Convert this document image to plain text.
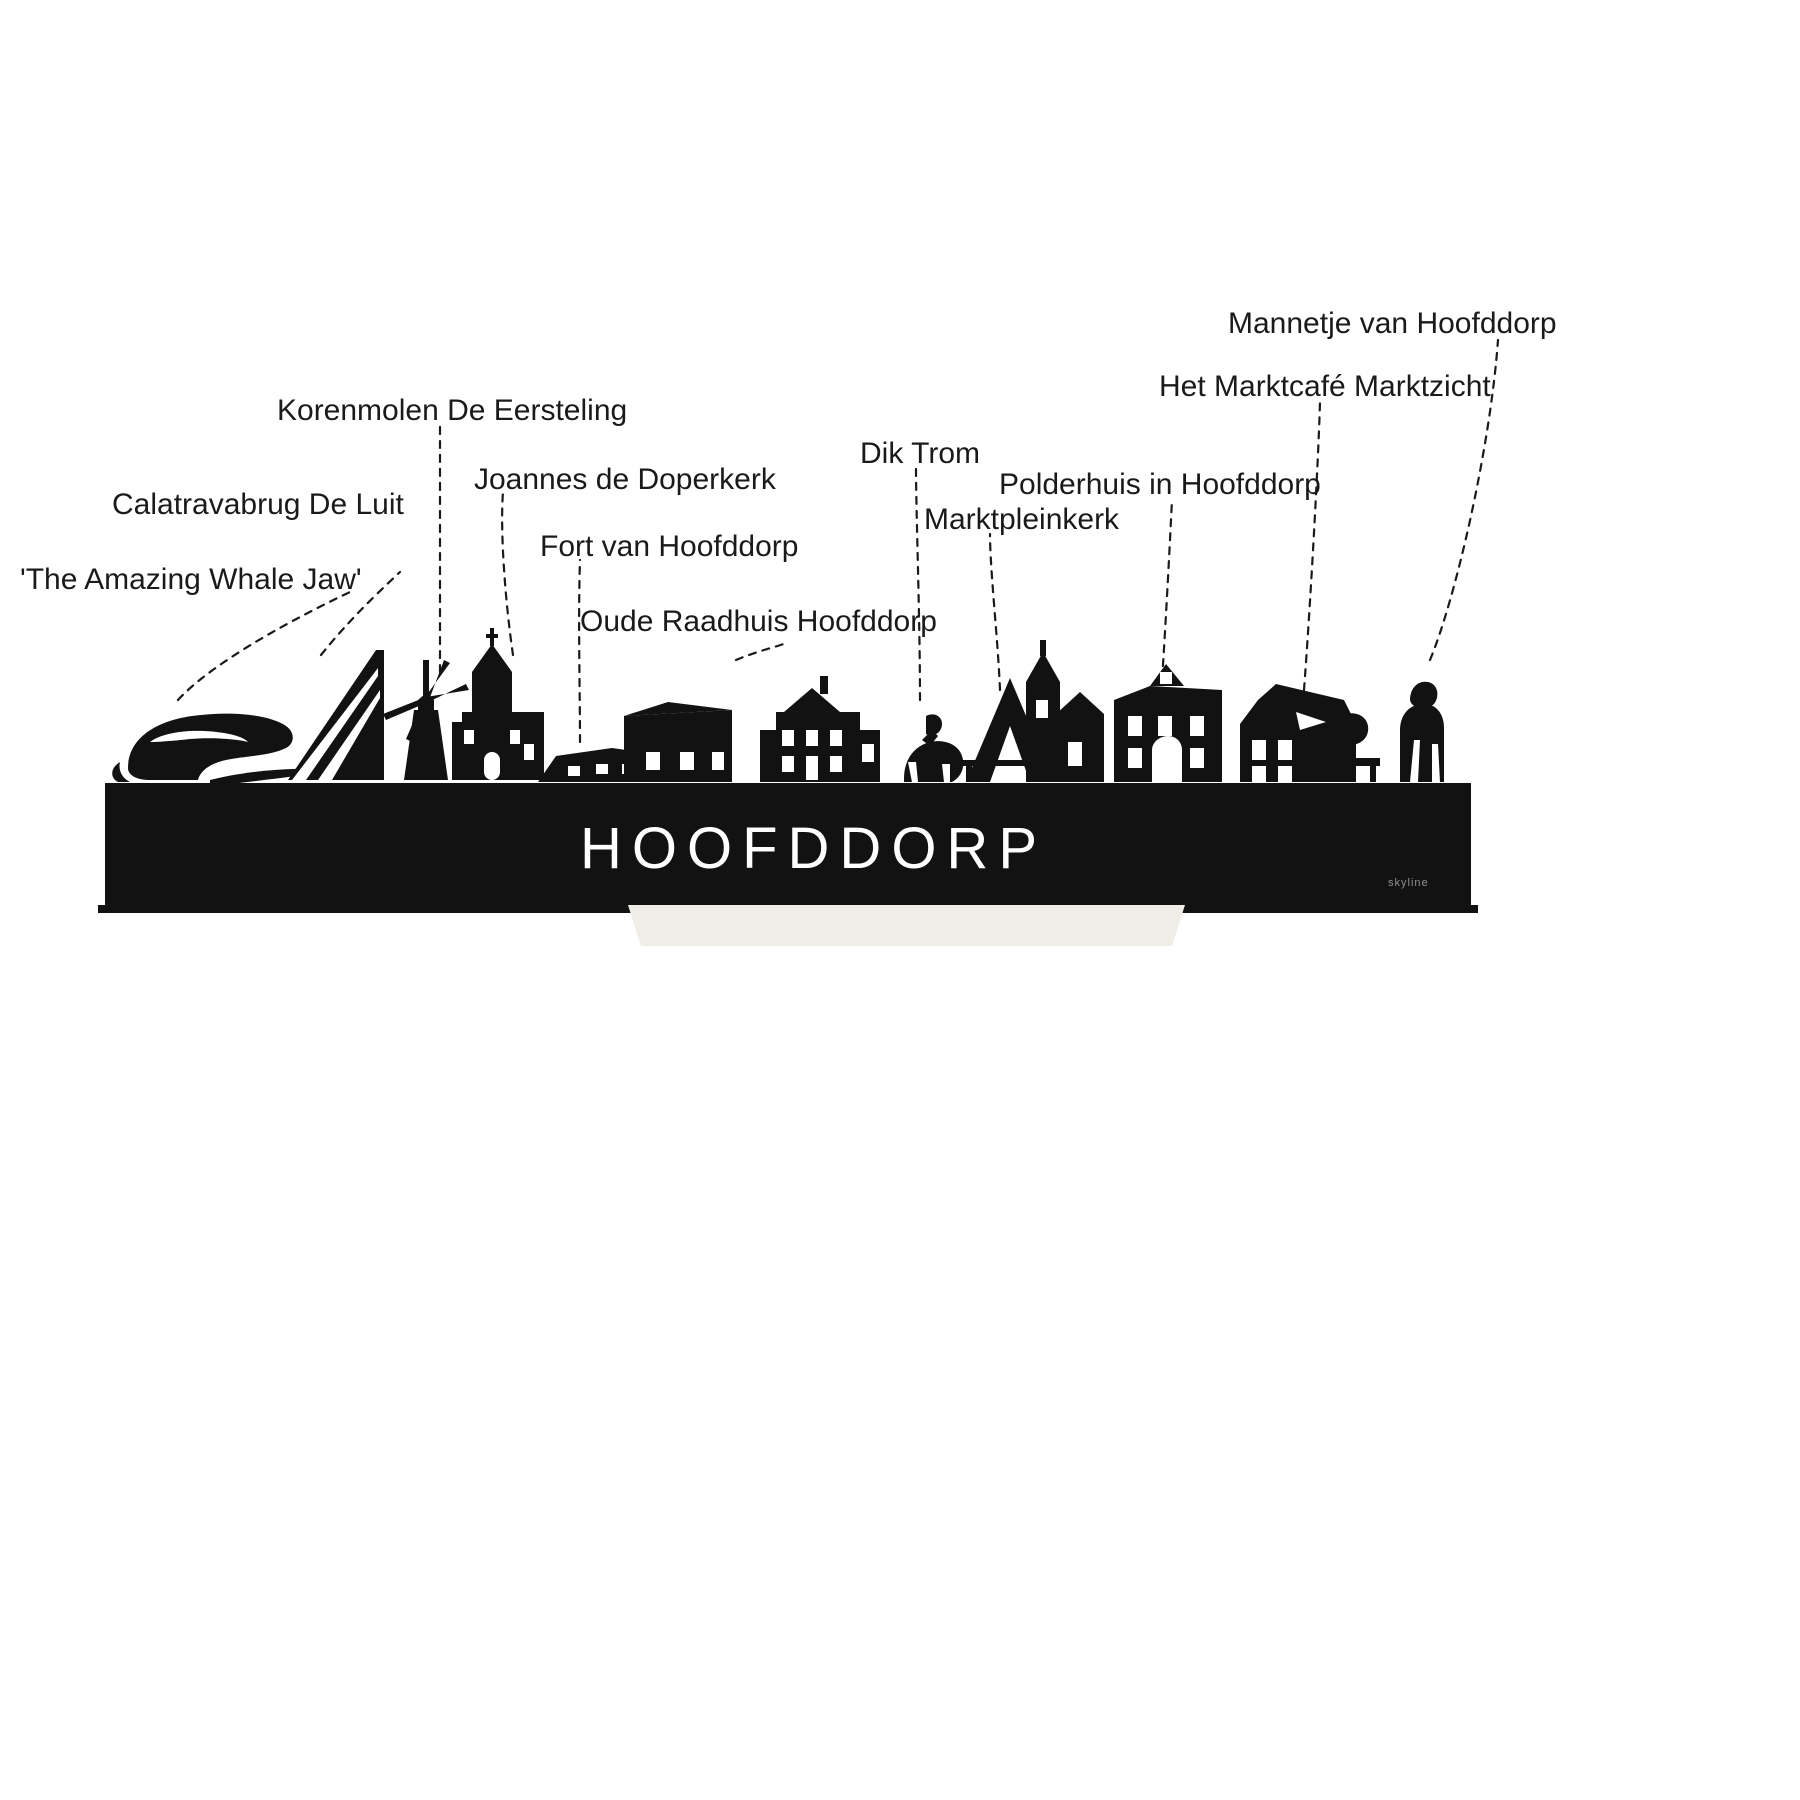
HOOFDDORP
skyline
'The Amazing Whale Jaw'
Calatravabrug De Luit
Korenmolen De Eersteling
Joannes de Doperkerk
Fort van Hoofddorp
Oude Raadhuis Hoofddorp
Dik Trom
Marktpleinkerk
Polderhuis in Hoofddorp
Het Marktcafé Marktzicht
Mannetje van Hoofddorp
